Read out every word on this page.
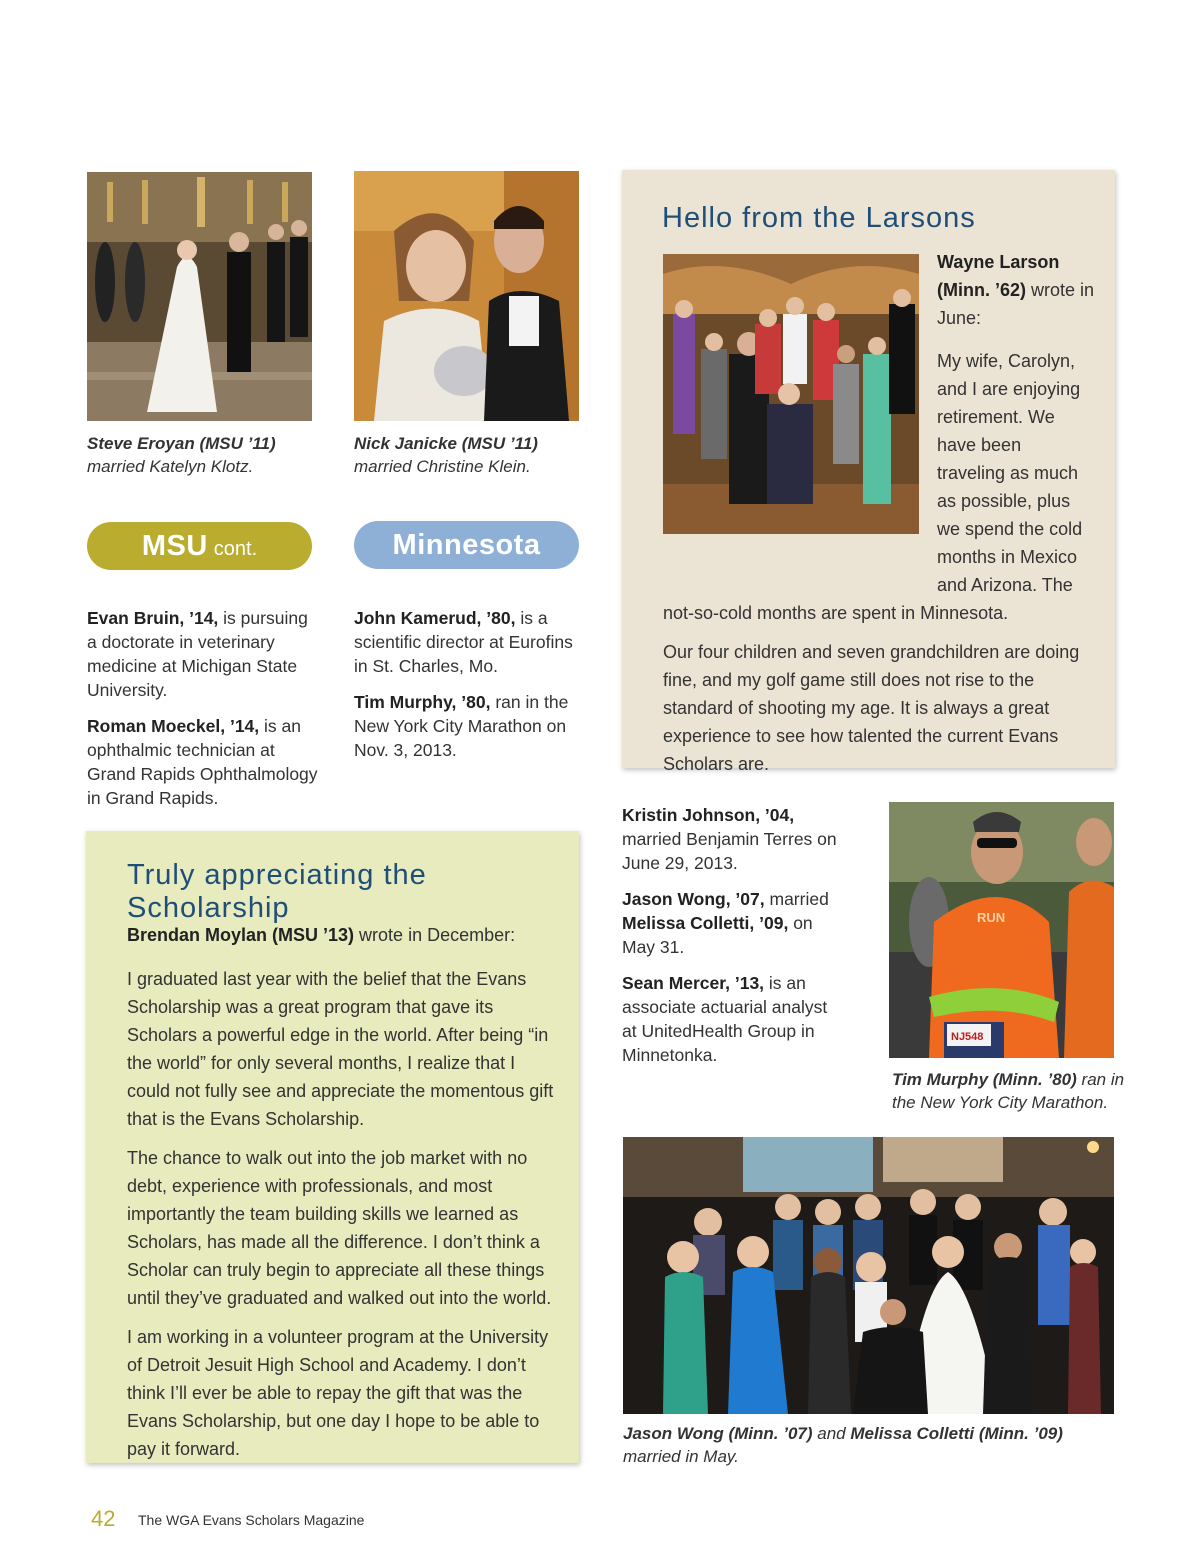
Steve Eroyan (MSU ’11)
married Katelyn Klotz.
Nick Janicke (MSU ’11)
married Christine Klein.
MSU cont.	Minnesota

Evan Bruin, ’14, is pursuing a doctorate in veterinary medicine at Michigan State University.

Roman Moeckel, ’14, is an ophthalmic technician at Grand Rapids Ophthalmology in Grand Rapids.

John Kamerud, ’80, is a scientific director at Eurofins in St. Charles, Mo.

Tim Murphy, ’80, ran in the New York City Marathon on Nov. 3, 2013.

Hello from the Larsons
Wayne Larson (Minn. ’62) wrote in June:
My wife, Carolyn, and I are enjoying retirement. We have been traveling as much as possible, plus we spend the cold months in Mexico and Arizona. The not-so-cold months are spent in Minnesota.
Our four children and seven grandchildren are doing fine, and my golf game still does not rise to the standard of shooting my age. It is always a great experience to see how talented the current Evans Scholars are.

Kristin Johnson, ’04,
married Benjamin Terres on June 29, 2013.

Jason Wong, ’07, married Melissa Colletti, ’09, on May 31.

Sean Mercer, ’13, is an associate actuarial analyst at UnitedHealth Group in Minnetonka.

RUN
NJ548
Tim Murphy (Minn. ’80) ran in the New York City Marathon.
Jason Wong (Minn. ’07) and Melissa Colletti (Minn. ’09) married in May.
Truly appreciating the Scholarship
Brendan Moylan (MSU ’13) wrote in December:

I graduated last year with the belief that the Evans Scholarship was a great program that gave its Scholars a powerful edge in the world. After being “in the world” for only several months, I realize that I could not fully see and appreciate the momentous gift that is the Evans Scholarship.

The chance to walk out into the job market with no debt, experience with professionals, and most importantly the team building skills we learned as Scholars, has made all the difference. I don’t think a Scholar can truly begin to appreciate all these things until they’ve graduated and walked out into the world.

I am working in a volunteer program at the University of Detroit Jesuit High School and Academy. I don’t think I’ll ever be able to repay the gift that was the Evans Scholarship, but one day I hope to be able to pay it forward.

42 The WGA Evans Scholars Magazine
